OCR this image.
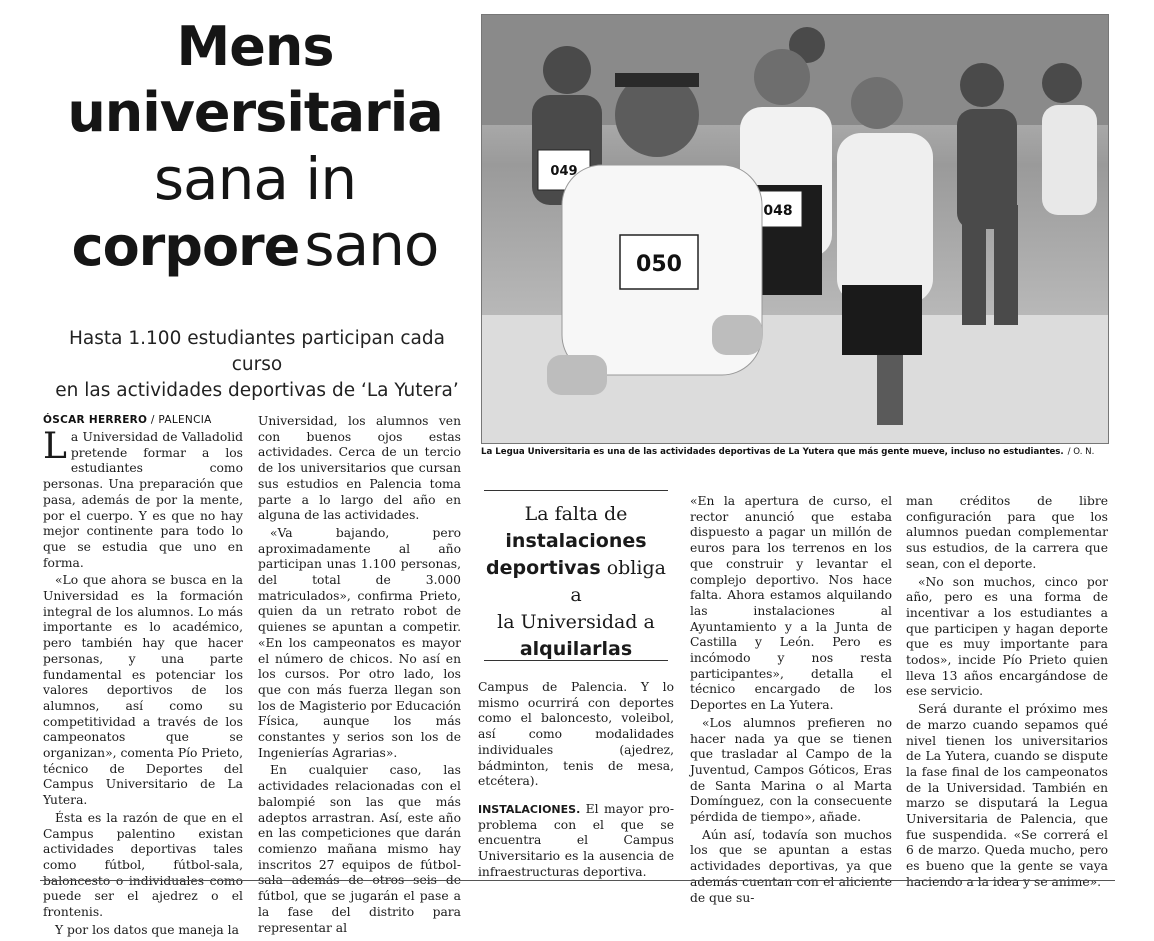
Mens
universitaria
sana in
corpore sano
Hasta 1.100 estudiantes participan cada curso
en las actividades deportivas de ‘La Yutera’
ÓSCAR HERRERO / PALENCIA

La Universidad de Valladolid pretende formar a los estudiantes como personas. Una preparación que pasa, además de por la mente, por el cuerpo. Y es que no hay mejor continente para todo lo que se estudia que uno en forma.

«Lo que ahora se busca en la Universidad es la formación integral de los alumnos. Lo más importante es lo académico, pero también hay que hacer personas, y una parte fundamental es potenciar los valores deportivos de los alumnos, así como su competitividad a través de los campeonatos que se organizan», comenta Pío Prieto, técnico de Deportes del Campus Universitario de La Yutera.

Ésta es la razón de que en el Campus palentino existan actividades deportivas tales como fútbol, fútbol-sala, baloncesto o individuales como puede ser el ajedrez o el frontenis.

Y por los datos que maneja la

Universidad, los alumnos ven con buenos ojos estas actividades. Cerca de un tercio de los universitarios que cursan sus estudios en Palencia toma parte a lo largo del año en alguna de las actividades.

«Va bajando, pero aproximadamente al año participan unas 1.100 personas, del total de 3.000 matriculados», confirma Prieto, quien da un retrato robot de quienes se apuntan a competir. «En los campeonatos es mayor el número de chicos. No así en los cursos. Por otro lado, los que con más fuerza llegan son los de Magisterio por Educación Física, aunque los más constantes y serios son los de Ingenierías Agrarias».

En cualquier caso, las actividades relacionadas con el balompié son las que más adeptos arrastran. Así, este año en las competiciones que darán comienzo mañana mismo hay inscritos 27 equipos de fútbol-sala además de otros seis de fútbol, que se jugarán el pase a la fase del distrito para representar al

048
049
050
La Legua Universitaria es una de las actividades deportivas de La Yutera que más gente mueve, incluso no estudiantes. / O. N.
La falta de
instalaciones
deportivas obliga a
la Universidad a
alquilarlas

Campus de Palencia. Y lo mismo ocurrirá con deportes como el baloncesto, voleibol, así como modalidades individuales (ajedrez, bádminton, tenis de mesa, etcétera).

INSTALACIONES. El mayor pro- problema con el que se encuentra el Campus Universitario es la ausencia de infraestructuras deportiva.

«En la apertura de curso, el rector anunció que estaba dispuesto a pagar un millón de euros para los terrenos en los que construir y levantar el complejo deportivo. Nos hace falta. Ahora estamos alquilando las instalaciones al Ayuntamiento y a la Junta de Castilla y León. Pero es incómodo y nos resta participantes», detalla el técnico encargado de los Deportes en La Yutera.

«Los alumnos prefieren no hacer nada ya que se tienen que trasladar al Campo de la Juventud, Campos Góticos, Eras de Santa Marina o al Marta Domínguez, con la consecuente pérdida de tiempo», añade.

Aún así, todavía son muchos los que se apuntan a estas actividades deportivas, ya que además cuentan con el aliciente de que su-

man créditos de libre configuración para que los alumnos puedan complementar sus estudios, de la carrera que sean, con el deporte.

«No son muchos, cinco por año, pero es una forma de incentivar a los estudiantes a que participen y hagan deporte que es muy importante para todos», incide Pío Prieto quien lleva 13 años encargándose de ese servicio.

Será durante el próximo mes de marzo cuando sepamos qué nivel tienen los universitarios de La Yutera, cuando se dispute la fase final de los campeonatos de la Universidad. También en marzo se disputará la Legua Universitaria de Palencia, que fue suspendida. «Se correrá el 6 de marzo. Queda mucho, pero es bueno que la gente se vaya haciendo a la idea y se anime».
